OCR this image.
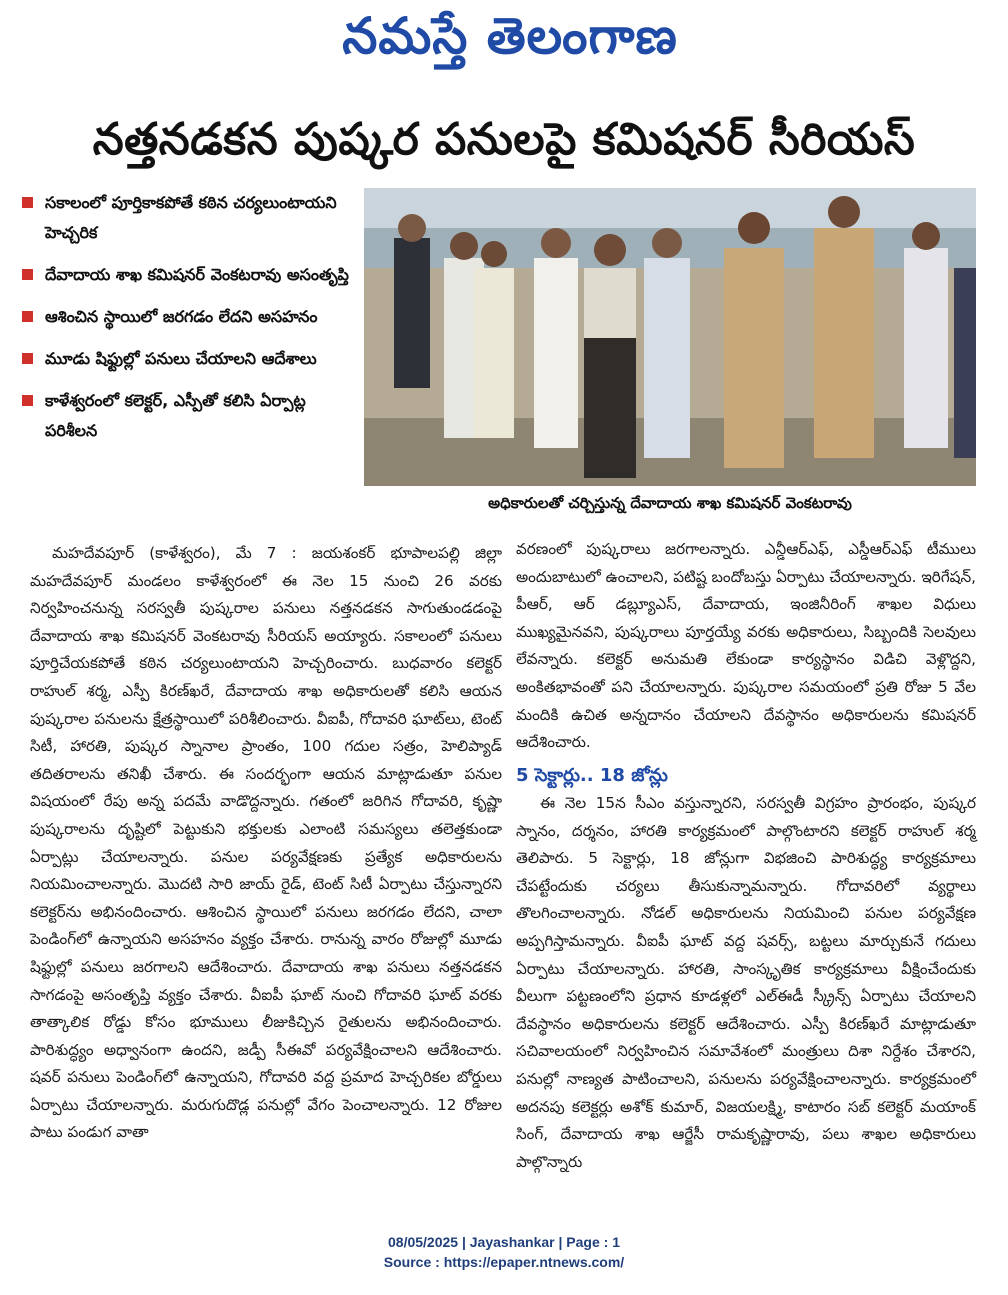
నమస్తే తెలంగాణ
నత్తనడకన పుష్కర పనులపై కమిషనర్ సీరియస్
సకాలంలో పూర్తికాకపోతే కఠిన చర్యలుంటాయని హెచ్చరిక
దేవాదాయ శాఖ కమిషనర్ వెంకటరావు అసంతృప్తి
ఆశించిన స్థాయిలో జరగడం లేదని అసహనం
మూడు షిఫ్టుల్లో పనులు చేయాలని ఆదేశాలు
కాళేశ్వరంలో కలెక్టర్, ఎస్పీతో కలిసి ఏర్పాట్ల పరిశీలన
అధికారులతో చర్చిస్తున్న దేవాదాయ శాఖ కమిషనర్ వెంకటరావు
మహదేవపూర్ (కాళేశ్వరం), మే 7 : జయశంకర్ భూపాలపల్లి జిల్లా మహదేవపూర్ మండలం కాళేశ్వరంలో ఈ నెల 15 నుంచి 26 వరకు నిర్వహించనున్న సరస్వతీ పుష్కరాల పనులు నత్తనడకన సాగుతుండడంపై దేవాదాయ శాఖ కమిషనర్ వెంకటరావు సీరియస్ అయ్యారు. సకాలంలో పనులు పూర్తిచేయకపోతే కఠిన చర్యలుంటాయని హెచ్చరించారు. బుధవారం కలెక్టర్ రాహుల్ శర్మ, ఎస్పీ కిరణ్‌ఖరే, దేవాదాయ శాఖ అధికారులతో కలిసి ఆయన పుష్కరాల పనులను క్షేత్రస్థాయిలో పరిశీలించారు. వీఐపీ, గోదావరి ఘాట్‌లు, టెంట్ సిటీ, హారతి, పుష్కర స్నానాల ప్రాంతం, 100 గదుల సత్రం, హెలిప్యాడ్ తదితరాలను తనిఖీ చేశారు. ఈ సందర్భంగా ఆయన మాట్లాడుతూ పనుల విషయంలో రేపు అన్న పదమే వాడొద్దన్నారు. గతంలో జరిగిన గోదావరి, కృష్ణా పుష్కరాలను దృష్టిలో పెట్టుకుని భక్తులకు ఎలాంటి సమస్యలు తలెత్తకుండా ఏర్పాట్లు చేయాలన్నారు. పనుల పర్యవేక్షణకు ప్రత్యేక అధికారులను నియమించాలన్నారు. మొదటి సారి జాయ్ రైడ్, టెంట్ సిటీ ఏర్పాటు చేస్తున్నారని కలెక్టర్‌ను అభినందించారు. ఆశించిన స్థాయిలో పనులు జరగడం లేదని, చాలా పెండింగ్‌లో ఉన్నాయని అసహనం వ్యక్తం చేశారు. రానున్న వారం రోజుల్లో మూడు షిఫ్టుల్లో పనులు జరగాలని ఆదేశించారు. దేవాదాయ శాఖ పనులు నత్తనడకన సాగడంపై అసంతృప్తి వ్యక్తం చేశారు. వీఐపీ ఘాట్ నుంచి గోదావరి ఘాట్ వరకు తాత్కాలిక రోడ్డు కోసం భూములు లీజుకిచ్చిన రైతులను అభినందించారు. పారిశుద్ధ్యం అధ్వానంగా ఉందని, జడ్పీ సీఈవో పర్యవేక్షించాలని ఆదేశించారు. షవర్ పనులు పెండింగ్‌లో ఉన్నాయని, గోదావరి వద్ద ప్రమాద హెచ్చరికల బోర్డులు ఏర్పాటు చేయాలన్నారు. మరుగుదొడ్ల పనుల్లో వేగం పెంచాలన్నారు. 12 రోజుల పాటు పండుగ వాతా
వరణంలో పుష్కరాలు జరగాలన్నారు. ఎన్డీఆర్ఎఫ్, ఎస్డీఆర్ఎఫ్ టీములు అందుబాటులో ఉంచాలని, పటిష్ట బందోబస్తు ఏర్పాటు చేయాలన్నారు. ఇరిగేషన్, పీఆర్, ఆర్ డబ్ల్యూఎస్, దేవాదాయ, ఇంజినీరింగ్ శాఖల విధులు ముఖ్యమైనవని, పుష్కరాలు పూర్తయ్యే వరకు అధికారులు, సిబ్బందికి సెలవులు లేవన్నారు. కలెక్టర్ అనుమతి లేకుండా కార్యస్థానం విడిచి వెళ్లొద్దని, అంకితభావంతో పని చేయాలన్నారు. పుష్కరాల సమయంలో ప్రతి రోజు 5 వేల మందికి ఉచిత అన్నదానం చేయాలని దేవస్థానం అధికారులను కమిషనర్ ఆదేశించారు.
5 సెక్టార్లు.. 18 జోన్లు
ఈ నెల 15న సీఎం వస్తున్నారని, సరస్వతీ విగ్రహం ప్రారంభం, పుష్కర స్నానం, దర్శనం, హారతి కార్యక్రమంలో పాల్గొంటారని కలెక్టర్ రాహుల్ శర్మ తెలిపారు. 5 సెక్టార్లు, 18 జోన్లుగా విభజించి పారిశుద్ధ్య కార్యక్రమాలు చేపట్టేందుకు చర్యలు తీసుకున్నామన్నారు. గోదావరిలో వ్యర్థాలు తొలగించాలన్నారు. నోడల్ అధికారులను నియమించి పనుల పర్యవేక్షణ అప్పగిస్తామన్నారు. వీఐపీ ఘాట్ వద్ద షవర్స్, బట్టలు మార్చుకునే గదులు ఏర్పాటు చేయాలన్నారు. హారతి, సాంస్కృతిక కార్యక్రమాలు వీక్షించేందుకు వీలుగా పట్టణంలోని ప్రధాన కూడళ్లలో ఎల్ఈడీ స్క్రీన్స్ ఏర్పాటు చేయాలని దేవస్థానం అధికారులను కలెక్టర్ ఆదేశించారు. ఎస్పీ కిరణ్‌ఖరే మాట్లాడుతూ సచివాలయంలో నిర్వహించిన సమావేశంలో మంత్రులు దిశా నిర్దేశం చేశారని, పనుల్లో నాణ్యత పాటించాలని, పనులను పర్యవేక్షించాలన్నారు. కార్యక్రమంలో అదనపు కలెక్టర్లు అశోక్ కుమార్, విజయలక్ష్మి, కాటారం సబ్ కలెక్టర్ మయాంక్ సింగ్, దేవాదాయ శాఖ ఆర్జేసీ రామకృష్ణారావు, పలు శాఖల అధికారులు పాల్గొన్నారు
08/05/2025 | Jayashankar | Page : 1
Source : https://epaper.ntnews.com/
